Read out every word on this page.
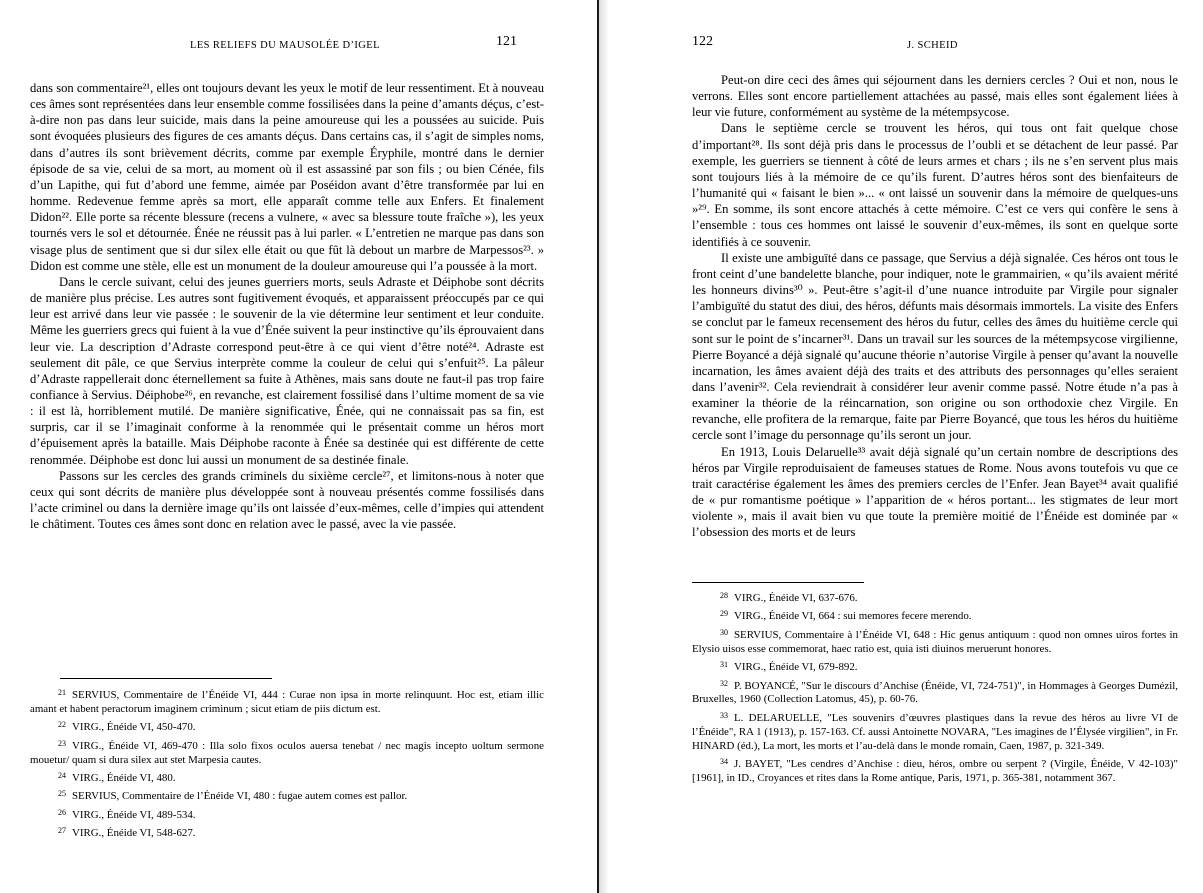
LES RELIEFS DU MAUSOLÉE D’IGEL	121

dans son commentaire²¹, elles ont toujours devant les yeux le motif de leur ressentiment. Et à nouveau ces âmes sont représentées dans leur ensemble comme fossilisées dans la peine d’amants déçus, c’est-à-dire non pas dans leur suicide, mais dans la peine amoureuse qui les a poussées au suicide. Puis sont évoquées plusieurs des figures de ces amants déçus. Dans certains cas, il s’agit de simples noms, dans d’autres ils sont brièvement décrits, comme par exemple Éryphile, montré dans le dernier épisode de sa vie, celui de sa mort, au moment où il est assassiné par son fils ; ou bien Cénée, fils d’un Lapithe, qui fut d’abord une femme, aimée par Poséidon avant d’être transformée par lui en homme. Redevenue femme après sa mort, elle apparaît comme telle aux Enfers. Et finalement Didon²². Elle porte sa récente blessure (recens a vulnere, « avec sa blessure toute fraîche »), les yeux tournés vers le sol et détournée. Énée ne réussit pas à lui parler. « L’entretien ne marque pas dans son visage plus de sentiment que si dur silex elle était ou que fût là debout un marbre de Marpessos²³. » Didon est comme une stèle, elle est un monument de la douleur amoureuse qui l’a poussée à la mort.

Dans le cercle suivant, celui des jeunes guerriers morts, seuls Adraste et Déiphobe sont décrits de manière plus précise. Les autres sont fugitivement évoqués, et apparaissent préoccupés par ce qui leur est arrivé dans leur vie passée : le souvenir de la vie détermine leur sentiment et leur conduite. Même les guerriers grecs qui fuient à la vue d’Énée suivent la peur instinctive qu’ils éprouvaient dans leur vie. La description d’Adraste correspond peut-être à ce qui vient d’être noté²⁴. Adraste est seulement dit pâle, ce que Servius interprète comme la couleur de celui qui s’enfuit²⁵. La pâleur d’Adraste rappellerait donc éternellement sa fuite à Athènes, mais sans doute ne faut-il pas trop faire confiance à Servius. Déiphobe²⁶, en revanche, est clairement fossilisé dans l’ultime moment de sa vie : il est là, horriblement mutilé. De manière significative, Énée, qui ne connaissait pas sa fin, est surpris, car il se l’imaginait conforme à la renommée qui le présentait comme un héros mort d’épuisement après la bataille. Mais Déiphobe raconte à Énée sa destinée qui est différente de cette renommée. Déiphobe est donc lui aussi un monument de sa destinée finale.

Passons sur les cercles des grands criminels du sixième cercle²⁷, et limitons-nous à noter que ceux qui sont décrits de manière plus développée sont à nouveau présentés comme fossilisés dans l’acte criminel ou dans la dernière image qu’ils ont laissée d’eux-mêmes, celle d’impies qui attendent le châtiment. Toutes ces âmes sont donc en relation avec le passé, avec la vie passée.

$^{21}$ SERVIUS, Commentaire de l’Énéide VI, 444 : Curae non ipsa in morte relinquunt. Hoc est, etiam illic amant et habent peractorum imaginem criminum ; sicut etiam de piis dictum est.

$^{22}$ VIRG., Énéide VI, 450-470.

$^{23}$ VIRG., Énéide VI, 469-470 : Illa solo fixos oculos auersa tenebat / nec magis incepto uoltum sermone mouetur/ quam si dura silex aut stet Marpesia cautes.

$^{24}$ VIRG., Énéide VI, 480.

$^{25}$ SERVIUS, Commentaire de l’Énéide VI, 480 : fugae autem comes est pallor.

$^{26}$ VIRG., Énéide VI, 489-534.

$^{27}$ VIRG., Énéide VI, 548-627.

122	J. SCHEID

Peut-on dire ceci des âmes qui séjournent dans les derniers cercles ? Oui et non, nous le verrons. Elles sont encore partiellement attachées au passé, mais elles sont également liées à leur vie future, conformément au système de la métempsycose.

Dans le septième cercle se trouvent les héros, qui tous ont fait quelque chose d’important²⁸. Ils sont déjà pris dans le processus de l’oubli et se détachent de leur passé. Par exemple, les guerriers se tiennent à côté de leurs armes et chars ; ils ne s’en servent plus mais sont toujours liés à la mémoire de ce qu’ils furent. D’autres héros sont des bienfaiteurs de l’humanité qui « faisant le bien »... « ont laissé un souvenir dans la mémoire de quelques-uns »²⁹. En somme, ils sont encore attachés à cette mémoire. C’est ce vers qui confère le sens à l’ensemble : tous ces hommes ont laissé le souvenir d’eux-mêmes, ils sont en quelque sorte identifiés à ce souvenir.

Il existe une ambiguïté dans ce passage, que Servius a déjà signalée. Ces héros ont tous le front ceint d’une bandelette blanche, pour indiquer, note le grammairien, « qu’ils avaient mérité les honneurs divins³⁰ ». Peut-être s’agit-il d’une nuance introduite par Virgile pour signaler l’ambiguïté du statut des diui, des héros, défunts mais désormais immortels. La visite des Enfers se conclut par le fameux recensement des héros du futur, celles des âmes du huitième cercle qui sont sur le point de s’incarner³¹. Dans un travail sur les sources de la métempsycose virgilienne, Pierre Boyancé a déjà signalé qu’aucune théorie n’autorise Virgile à penser qu’avant la nouvelle incarnation, les âmes avaient déjà des traits et des attributs des personnages qu’elles seraient dans l’avenir³². Cela reviendrait à considérer leur avenir comme passé. Notre étude n’a pas à examiner la théorie de la réincarnation, son origine ou son orthodoxie chez Virgile. En revanche, elle profitera de la remarque, faite par Pierre Boyancé, que tous les héros du huitième cercle sont l’image du personnage qu’ils seront un jour.

En 1913, Louis Delaruelle³³ avait déjà signalé qu’un certain nombre de descriptions des héros par Virgile reproduisaient de fameuses statues de Rome. Nous avons toutefois vu que ce trait caractérise également les âmes des premiers cercles de l’Enfer. Jean Bayet³⁴ avait qualifié de « pur romantisme poétique » l’apparition de « héros portant... les stigmates de leur mort violente », mais il avait bien vu que toute la première moitié de l’Énéide est dominée par « l’obsession des morts et de leurs

$^{28}$ VIRG., Énéide VI, 637-676.

$^{29}$ VIRG., Énéide VI, 664 : sui memores fecere merendo.

$^{30}$ SERVIUS, Commentaire à l’Énéide VI, 648 : Hic genus antiquum : quod non omnes uiros fortes in Elysio uisos esse commemorat, haec ratio est, quia isti diuinos meruerunt honores.

$^{31}$ VIRG., Énéide VI, 679-892.

$^{32}$ P. BOYANCÉ, "Sur le discours d’Anchise (Énéide, VI, 724-751)", in Hommages à Georges Dumézil, Bruxelles, 1960 (Collection Latomus, 45), p. 60-76.

$^{33}$ L. DELARUELLE, "Les souvenirs d’œuvres plastiques dans la revue des héros au livre VI de l’Énéide", RA 1 (1913), p. 157-163. Cf. aussi Antoinette NOVARA, "Les imagines de l’Élysée virgilien", in Fr. HINARD (éd.), La mort, les morts et l’au-delà dans le monde romain, Caen, 1987, p. 321-349.

$^{34}$ J. BAYET, "Les cendres d’Anchise : dieu, héros, ombre ou serpent ? (Virgile, Énéide, V 42-103)" [1961], in ID., Croyances et rites dans la Rome antique, Paris, 1971, p. 365-381, notamment 367.
